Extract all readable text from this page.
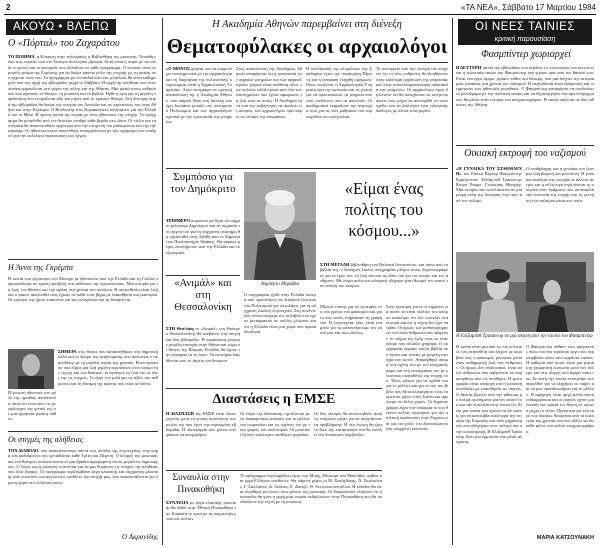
2	«ΤΑ ΝΕΑ», Σάββατο 17 Μαρτίου 1984
ΑΚΟΥΩ • ΒΛΕΠΩ
Ο «Πόρταλ» του Ζαχαράτου
ΤΟ ΠΟΙΗΜΑ, η Κόκκινη στην τηλεόραση, η Βιβλιοθήκη της μουσικής. Νοταθή είναι στις πορείες που στο δεύτερο συλλογικό μήνυμα. Αυτή είναι η σειρά με τα οποία το μενού και οι εκπομπές που αλλάζουν σε κάθε πρόγραμμα. Ο πίνακας είναι το μεγάλο ρεύμα της Ευρώπης για να δούμε κάποιο ρόλο της στιγμής με τη σκέψη που έρχεται στον νου. Το πρόγραμμα για τα παιδιά και τους μεγάλους θα είναι καθημερινό από την αρχή της εβδομάδας μέχρι το Σάββατο. Η αρχή της αλήθειας που στον πίνακα εμφανίζεται στις μέρες της πόλης και της Αθήνας. Μια ματιά στους ανθρώπους που αγαπούν το θέατρο, τη μουσική και τα βιβλία. Ηρθε η ώρα για τη μεγάλη παράσταση που ετοιμάζεται εδώ και μήνες από το κρατικό θέατρο. Στη δεύτερη σειρά της εβδομάδας θα δούμε την ιστορία του Λεωνίδα και τις περιπέτειες του στην Αθήνα και στην Κέρκυρα. Ο Βουλευτής στις Κυριακάτικες συζητήσεις για την Ελλάδα και το Μάιο. Η πρώτη ταινία της σειράς με τους ηθοποιούς της εποχής. Το πρόγραμμα θα μεταδοθεί από τον δεύτερο σταθμό κάθε βράδυ στις δέκα. Οι τίτλοι και τα ονόματα θα ανακοινωθούν αργότερα από την επιτροπή του ραδιοφώνου και της τηλεόρασης. Οι ηθοποιοί και οι σκηνοθέτες συνεργάζονται με την ορχήστρα του σταθμού για την καλύτερη παρουσίαση των έργων.
Η Άννα της Γκρέμπα
Η ταινία που γυρίστηκε στο Μόναχο με ηθοποιούς από την Ελλάδα και τη Γαλλία παρουσιάζεται σε πρώτη προβολή στις αίθουσες της πρωτεύουσας. Μια ιστορία για τη ζωή, τον θάνατο και την αγάπη στα χρόνια του πολέμου. Η σκηνοθεσία είναι λιτή και ο φακός ακολουθεί τους ήρωες σε κάθε τους βήμα με ευαισθησία και μαστοριά. Οι κριτικοί την έχουν επαινέσει για την ειλικρίνεια και τη δύναμή της.
ΣΗΜΕΡΑ στις θέσεις που κατακτήθηκαν στη δημοτική αλλά και το δρόμο της αναγνώρισης που απέκτησε ο σκηνοθέτης με τη μεγάλη ταινία της χρονιάς. Είναι πρόσωπο που έζησε μια ζωή γεμάτη περιπέτειες στον κόσμο της τέχνης και του θεάτρου, κι αγάπησε τη ζωή του σε όλες της τις στιγμές. Το έργο του μιλά για τις αξίες του ανθρώπου και τη δύναμη της αγάπης που νικά τα πάντα.
Η γνωστή ηθοποιός στο ρόλο της ηρωίδας αποδεικνύει ξανά ότι είναι από τις μεγαλύτερες της γενιάς της σε μια ερμηνεία γεμάτη πάθος.
Οι στιγμές της αλήθειας
ΤΟΝ ΔΙΑΒΟΛΟ, που ανακαλύπτουμε πάντα στις σελίδες της λογοτεχνίας, στη σειρά του ραδιοφώνου που μεταδίδεται κάθε Τρίτη και Πέμπτη. Ο κόσμος της μουσικής και του θεάτρου συναντιούνται σε μια βραδιά αφιερωμένη στους μεγάλους δημιουργούς. Ο λόγος και η μουσική ενώνονται για να μας θυμίσουν τις στιγμές της αλήθειας που όλοι ζήσαμε. Το πρόγραμμα περιλαμβάνει έργα κλασικής και σύγχρονης μουσικής από γνωστούς και άγνωστους συνθέτες της εποχής μας, που παρουσιάζονται για πρώτη φορά στο ελληνικό κοινό.
Ο Ακρανίδης
Η Ακαδημία Αθηνών παρεμβαίνει στη διένεξη
Θεματοφύλακες οι αρχαιολόγοι
«Ο ΜΟΝΟΣ φορέας για να συμμετέχει επιστημονικά με την αρχαιολογία και τη διαχείριση της πολιτιστικής κληρονομιάς είναι η Αρχαιολογική Υπηρεσία». Αυτό υπογράφει σε σχετική ανακοίνωσή της η Ακαδημία Αθηνών, που παίρνει θέση στη διένεξη που έχει ξεσπάσει μεταξύ του υπουργείου Πολιτισμού και των αρχαιολόγων σχετικά με την προστασία των μνημείων.
Στην ανακοίνωση της Ακαδημίας Αθηνών αναφέρεται ότι η προστασία των αρχαίων μνημείων και των αρχαιολογικών χώρων είναι υπόθεση όλων των πολιτών αλλά πρώτα από όλα των επιστημόνων που έχουν αφιερώσει τη ζωή τους σε αυτήν. Η Ακαδημία ζητά από την κυβέρνηση να ακούσει τις απόψεις των αρχαιολόγων πριν πάρει τις τελικές της αποφάσεις.
Η συνεδρίαση της ολομέλειας της Ακαδημίας έγινε την περασμένη Πέμπτη και η απόφαση ελήφθη ομόφωνα. Όπως τονίζεται, η Αρχαιολογική Υπηρεσία έχει την εμπειρία και τη γνώση για να προστατεύσει τα μνημεία από τους κινδύνους που τα απειλούν. Οι ακαδημαϊκοί εκφράζουν την ανησυχία τους για τις νέες ρυθμίσεις του νομοσχεδίου που συζητείται.
Το υπουργείο από την πλευρά του επιμένει ότι οι νέες ρυθμίσεις θα βοηθήσουν στην καλύτερη οργάνωση της υπηρεσίας και στην αποτελεσματικότερη προστασία των μνημείων. Οι αρχαιολόγοι όμως δηλώνουν ότι θα συνεχίσουν τις κινητοποιήσεις τους μέχρι να αποσυρθεί το νομοσχέδιο και να ξεκινήσει ένας ειλικρινής διάλογος με όλους τους φορείς.
Συμπόσιο για τον Δημόκριτο
ΤΡΙΗΜΕΡΟ συμπόσιο με θέμα τον αρχαίο φιλόσοφο Δημόκριτο και τη σημασία του έργου του για τη σύγχρονη επιστήμη θα οργανωθεί στην Ξάνθη από το Δημοκρίτειο Πανεπιστήμιο Θράκης. Θα πάρουν μέρος επιστήμονες από την Ελλάδα και το εξωτερικό.
«Ανιμάλ» και στη Θεσσαλονίκη
ΣΤΗ Θεσ/νίκη το «Ανιμάλ» του Θεάτρου Θεσσαλονίκης θα ανεβαίνει στη σκηνή για δύο εβδομάδες. Η παράσταση γνώρισε μεγάλη επιτυχία στην Αθήνα και τώρα οι θεατές της Βόρειας Ελλάδας θα έχουν την ευκαιρία να τη δουν. Τα εισιτήρια διατίθενται από το ταμείο του θεάτρου.
Αλμπέρτο Μοράβια
«Είμαι ένας πολίτης του κόσμου...»
ΣΤΗ ΜΕΓΑΛΗ βιβλιοθήκη του Βολιανά Ινστιτούτου, και πάνω από τα βιβλία της, ο διάσημος Ιταλός συγγραφέας μίλησε στους δημοσιογράφους για το έργο του, τη ζωή του και τις ιδέες του για τον κόσμο και τον άνθρωπο. Με λόγια απλά και ειλικρινή εξήγησε γιατί θεωρεί τον εαυτό του πολίτη του κόσμου.
Ο συγγραφέας ήρθε στην Ελλάδα ύστερα από πρόσκληση του Ιταλικού Ινστιτούτου Πολιτισμού για να μιλήσει για τη σύγχρονη ιταλική λογοτεχνία. Στη συνέντευξη τύπου ανέφερε ότι τα βιβλία του έχουν μεταφραστεί σε πολλές γλώσσες και ότι η Ελλάδα είναι μια χώρα που αγαπά ιδιαίτερα.
Μίλησε επίσης για τις εμπειρίες του στα χρόνια του φασισμού και για το πώς αυτές επηρέασαν τη γραφή του. Η λογοτεχνία, είπε, είναι ένα μέσο για να κατανοήσουμε τον εαυτό μας και τους άλλους.
Στην ερώτηση για το τι σημαίνει για αυτόν να είναι πολίτης του κόσμου απάντησε ότι δεν πιστεύει στα σύνορα και ότι η τέχνη δεν έχει πατρίδα. Οι ήρωες των μυθιστορημάτων του είναι άνθρωποι που ψάχνουν το νόημα της ζωής τους σε έναν κόσμο που αλλάζει γρήγορα. Ο συγγραφέας έγραψε πολλά βιβλία που έγιναν και ταινίες με μεγάλη επιτυχία στο κοινό. Αναφέρθηκε ακόμη στη σχέση του με τον κινηματογράφο και στη συνεργασία του με γνωστούς σκηνοθέτες της εποχής του. Τέλος μίλησε για τα σχέδιά του για το μέλλον και για το νέο του βιβλίο που θα κυκλοφορήσει τους επόμενους μήνες στην Ιταλία και αργότερα σε άλλες χώρες. Οι δημοσιογράφοι είχαν την ευκαιρία να του θέσουν πολλές ερωτήσεις για την πολιτική κατάσταση στην Ευρώπη και για τον ρόλο του διανοούμενου στη σύγχρονη κοινωνία.
Διαστάσεις η ΕΜΣΕ
Η ΔΙΑΣΠΑΣΗ της ΕΜΣΕ είναι πλέον γεγονός μετά τη γενική συνέλευση των μελών της που έγινε την περασμένη εβδομάδα. Η πλειοψηφία των μελών αποφάσισε να αποχωρήσει.
Οι λόγοι της διάσπασης σχετίζονται με τις διαφορετικές απόψεις για το μέλλον του σωματείου και τις σχέσεις του με τους φορείς του πολιτισμού. Οι μουσικοί ζητούν καλύτερες συνθήκες εργασίας.
Οι δύο πλευρές θα συναντηθούν ξανά τις επόμενες μέρες για να συζητήσουν τα προβλήματα. Η νέα ένωση θα έχει το δικό της καταστατικό και θα εκλέξει νέο διοικητικό συμβούλιο.
Συναυλία στην Πινακοθήκη
ΣΥΝΑΥΛΙΑ με έργα κλασικής μουσικής θα δοθεί στην Εθνική Πινακοθήκη την Κυριακή το πρωί με τη συμμετοχή γνωστών σολίστ.
Το πρόγραμμα περιλαμβάνει έργα των Μπαχ, Μότσαρτ και Μπετόβεν, καθώς και έργα Ελλήνων συνθετών. Θα πάρουν μέρος οι Μ. Χατζηδάκης, Ν. Σκαλκώτας, Γ. Σισιλιάνος, Δ. Λιάλιος, Ε. Δανιήλ, Θ. Αντωνίου και άλλοι. Η είσοδος θα είναι ελεύθερη για όλους τους φίλους της μουσικής. Οι διοργανωτές ελπίζουν ότι η συναυλία θα γίνει η αρχή μιας σειράς εκδηλώσεων στην Πινακοθήκη που θα συνδυάζουν την τέχνη με τη μουσική.
ΟΙ ΝΕΕΣ ΤΑΙΝΙΕΣ
κριτική παρουσίαση
Φασμπίντερ χωριαρχεί
Η ΔΕΥΤΕΡΗ ταινία της εβδομάδας που κέρδισε τις εντυπώσεις του κοινού είναι η τελευταία ταινία του Φασμπίντερ που γύρισε πριν από τον θάνατό του. Είναι ένα έργο ώριμο, γεμάτο πάθος και δύναμη, που μας δείχνει την ιστορία μιας γυναίκας στα χρόνια του ναζισμού. Η σκηνοθεσία είναι εξαιρετική και οι ερμηνείες των ηθοποιών μοναδικές. Ο Φασμπίντερ καταφέρνει να συνδυάσει το μελόδραμα με την πολιτική σκέψη και να δημιουργήσει ένα αριστούργημα που θα μείνει στην ιστορία του κινηματογράφου. Η ταινία παίζεται σε δύο αίθουσες της Αθήνας.
Οικιακή εκτροφή του ναζισμού
«Η ΓΥΝΑΙΚΑ ΤΟΥ ΣΤΑΘΜΑΡΧΗ» του Ράινερ Βέρνερ Φασμπίντερ. Ερμηνεύουν: Ελίζαμπεθ Τράισενορ, Κουρτ Ραάμπ, Γκούσταφ Μπαγιέρ. Μια ιστορία που εκτυλίσσεται σε μια μικρή πόλη της Αυστρίας λίγο πριν από τον πόλεμο.
Ο σταθμάρχης και η γυναίκα του ζουν μια ζωή βαρετή και μονότονη. Η γυναίκα αναζητά την ευτυχία σε άλλους άντρες και η πόλη σιγά σιγά γίνεται το σκηνικό ενός δράματος που αντανακλά την κοινωνία της εποχής και τη γέννηση του ναζισμού μέσα στο σπίτι.
Η Ελίζαμπεθ Τράισενορ σε μια σκηνή από την ταινία του Φασμπίντερ
Η ταινία είναι μια από τις πιο πολιτικές του σκηνοθέτη και δείχνει με ακρίβεια πώς ο φασισμός γεννιέται μέσα στην καθημερινή ζωή των ανθρώπων. Οι ήρωες δεν είναι κακοί, είναι απλοί άνθρωποι που αφήνονται να παρασυρθούν από τις συνθήκες. Η φωτογραφία είναι υπέροχη και η μουσική συνοδεύει με ευαισθησία τις σκηνές. Ο θεατής βγαίνει από την αίθουσα με πολλά ερωτήματα για τον εαυτό του και την κοινωνία στην οποία ζει. Είναι μια ταινία που πρέπει να δει κανείς για να καταλάβει καλύτερα την ιστορία της Ευρώπης και τους μηχανισμούς που οδήγησαν στον πόλεμο και στην καταστροφή. Η Ελίζαμπεθ Τράισενορ δίνει μια ερμηνεία που μένει αξέχαστη.
Ο Φασμπίντερ πέθανε νέος αφήνοντας πίσω του ένα τεράστιο έργο που περιλαμβάνει πάνω από σαράντα ταινίες. Η καθεμιά από αυτές είναι μια ματιά στη γερμανική κοινωνία μετά τον πόλεμο και στις πληγές που άφησε πίσω του. Σε αυτή την ταινία επιστρέφει στο παρελθόν για να εξηγήσει το παρόν και να μας προειδοποιήσει για το μέλλον. Η αφήγηση είναι αργή αλλά πάντα ενδιαφέρουσα και οι σκηνές έχουν μια ένταση που κρατά τον θεατή σε αγωνία μέχρι το τέλος. Πρόκειται για ένα έργο που δικαίως θεωρείται από τα καλύτερα της χρονιάς και που αξίζει να δει κάθε φίλος του καλού κινηματογράφου.
ΜΑΡΙΑ ΚΑΤΣΟΥΝΑΚΗ
